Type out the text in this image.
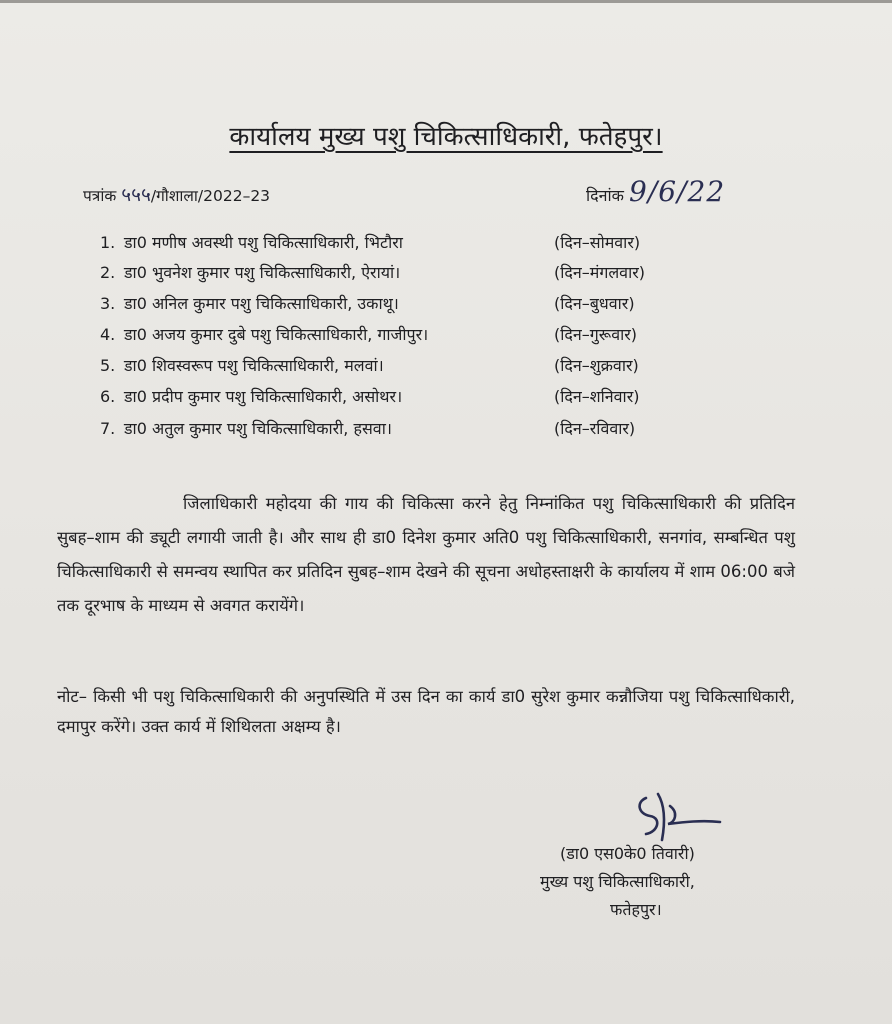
कार्यालय मुख्य पशु चिकित्साधिकारी, फतेहपुर।
पत्रांक ५५५/गौशाला/2022–23	दिनांक 9/6/22
1. डा0 मणीष अवस्थी पशु चिकित्साधिकारी, भिटौरा	(दिन–सोमवार)
2. डा0 भुवनेश कुमार पशु चिकित्साधिकारी, ऐरायां।	(दिन–मंगलवार)
3. डा0 अनिल कुमार पशु चिकित्साधिकारी, उकाथू।	(दिन–बुधवार)
4. डा0 अजय कुमार दुबे पशु चिकित्साधिकारी, गाजीपुर।	(दिन–गुरूवार)
5. डा0 शिवस्वरूप पशु चिकित्साधिकारी, मलवां।	(दिन–शुक्रवार)
6. डा0 प्रदीप कुमार पशु चिकित्साधिकारी, असोथर।	(दिन–शनिवार)
7. डा0 अतुल कुमार पशु चिकित्साधिकारी, हसवा।	(दिन–रविवार)
जिलाधिकारी महोदया की गाय की चिकित्सा करने हेतु निम्नांकित पशु चिकित्साधिकारी की प्रतिदिन सुबह–शाम की ड्यूटी लगायी जाती है। और साथ ही डा0 दिनेश कुमार अति0 पशु चिकित्साधिकारी, सनगांव, सम्बन्धित पशु चिकित्साधिकारी से समन्वय स्थापित कर प्रतिदिन सुबह–शाम देखने की सूचना अधोहस्ताक्षरी के कार्यालय में शाम 06:00 बजे तक दूरभाष के माध्यम से अवगत करायेंगे।
नोट– किसी भी पशु चिकित्साधिकारी की अनुपस्थिति में उस दिन का कार्य डा0 सुरेश कुमार कन्नौजिया पशु चिकित्साधिकारी, दमापुर करेंगे। उक्त कार्य में शिथिलता अक्षम्य है।
(डा0 एस0के0 तिवारी)
मुख्य पशु चिकित्साधिकारी,
फतेहपुर।
